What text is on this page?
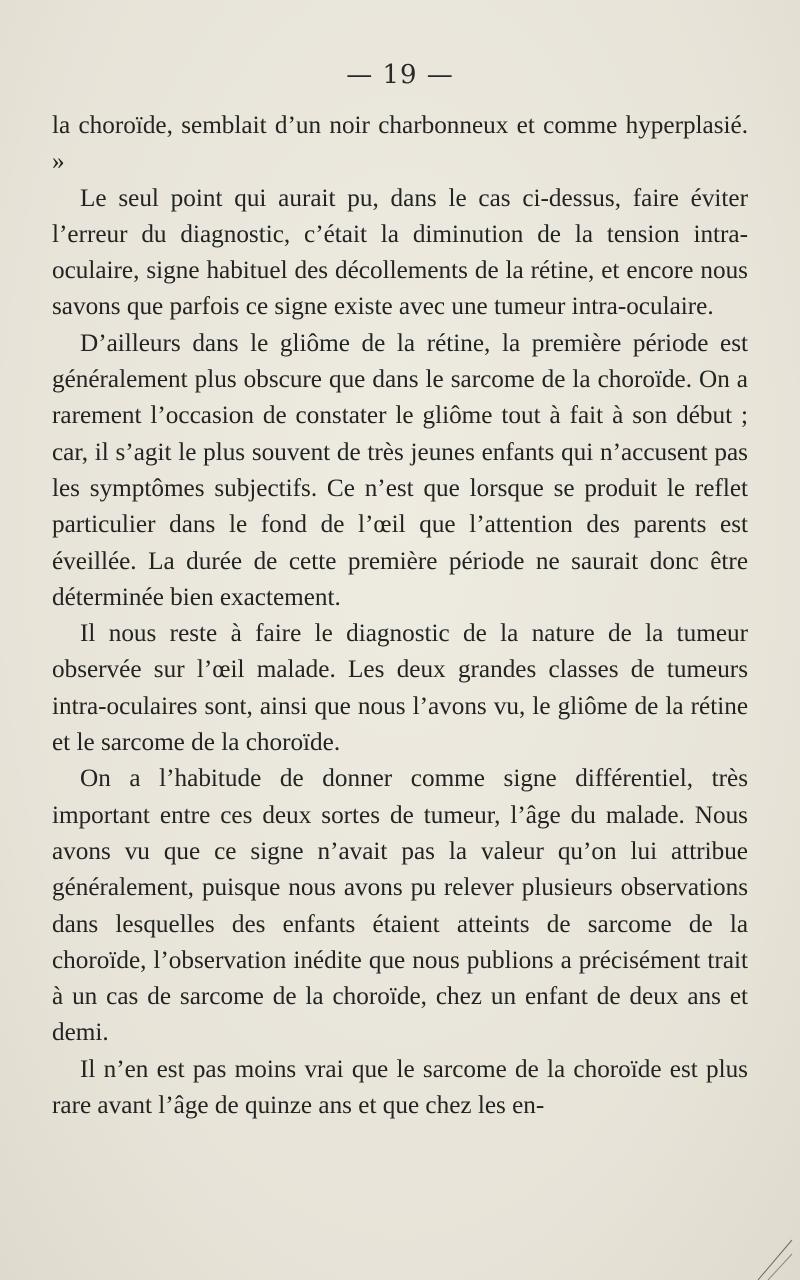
— 19 —

la choroïde, semblait d’un noir charbonneux et comme hyperplasié. »

Le seul point qui aurait pu, dans le cas ci-dessus, faire éviter l’erreur du diagnostic, c’était la diminution de la tension intra-oculaire, signe habituel des décollements de la rétine, et encore nous savons que parfois ce signe existe avec une tumeur intra-oculaire.

D’ailleurs dans le gliôme de la rétine, la première période est généralement plus obscure que dans le sarcome de la choroïde. On a rarement l’occasion de constater le gliôme tout à fait à son début ; car, il s’agit le plus souvent de très jeunes enfants qui n’accusent pas les symptômes subjectifs. Ce n’est que lorsque se produit le reflet particulier dans le fond de l’œil que l’attention des parents est éveillée. La durée de cette première période ne saurait donc être déterminée bien exactement.

Il nous reste à faire le diagnostic de la nature de la tumeur observée sur l’œil malade. Les deux grandes classes de tumeurs intra-oculaires sont, ainsi que nous l’avons vu, le gliôme de la rétine et le sarcome de la choroïde.

On a l’habitude de donner comme signe différentiel, très important entre ces deux sortes de tumeur, l’âge du malade. Nous avons vu que ce signe n’avait pas la valeur qu’on lui attribue généralement, puisque nous avons pu relever plusieurs observations dans lesquelles des enfants étaient atteints de sarcome de la choroïde, l’observation inédite que nous publions a précisément trait à un cas de sarcome de la choroïde, chez un enfant de deux ans et demi.

Il n’en est pas moins vrai que le sarcome de la choroïde est plus rare avant l’âge de quinze ans et que chez les en-
